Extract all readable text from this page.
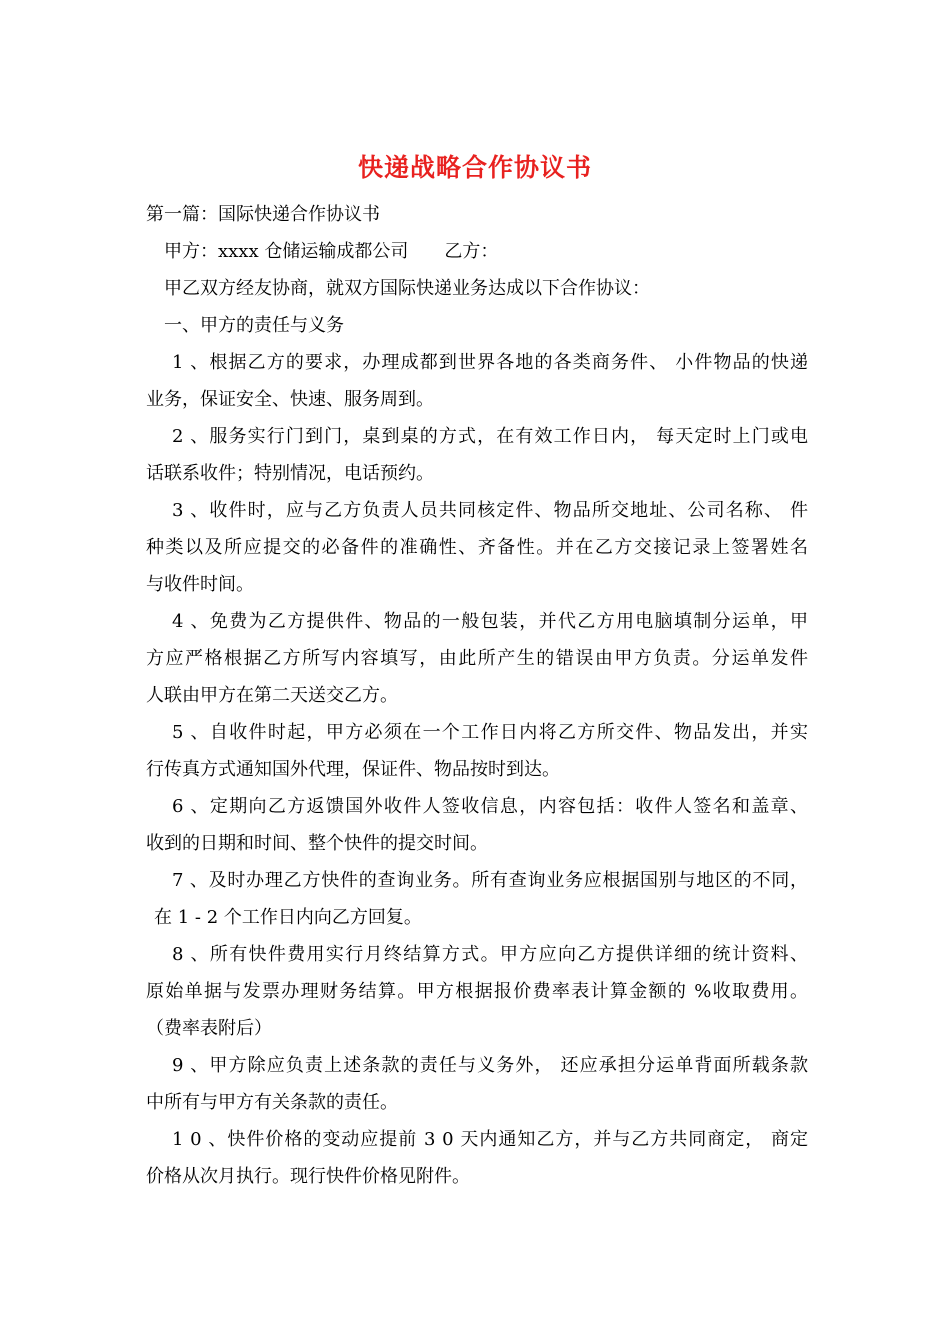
快递战略合作协议书
第一篇：国际快递合作协议书
甲方：xxxx 仓储运输成都公司　　乙方：
甲乙双方经友协商，就双方国际快递业务达成以下合作协议：
一、甲方的责任与义务
1 、根据乙方的要求，办理成都到世界各地的各类商务件、 小件物品的快递
业务，保证安全、快速、服务周到。
2 、服务实行门到门，桌到桌的方式，在有效工作日内， 每天定时上门或电
话联系收件；特别情况，电话预约。
3 、收件时，应与乙方负责人员共同核定件、物品所交地址、公司名称、 件
种类以及所应提交的必备件的准确性、齐备性。并在乙方交接记录上签署姓名
与收件时间。
4 、免费为乙方提供件、物品的一般包装，并代乙方用电脑填制分运单，甲
方应严格根据乙方所写内容填写，由此所产生的错误由甲方负责。分运单发件
人联由甲方在第二天送交乙方。
5 、自收件时起，甲方必须在一个工作日内将乙方所交件、物品发出，并实
行传真方式通知国外代理，保证件、物品按时到达。
6 、定期向乙方返馈国外收件人签收信息，内容包括：收件人签名和盖章、
收到的日期和时间、整个快件的提交时间。
7 、及时办理乙方快件的查询业务。所有查询业务应根据国别与地区的不同，
在 1 - 2 个工作日内向乙方回复。
8 、所有快件费用实行月终结算方式。甲方应向乙方提供详细的统计资料、
原始单据与发票办理财务结算。甲方根据报价费率表计算金额的 %收取费用。
（费率表附后）
9 、甲方除应负责上述条款的责任与义务外， 还应承担分运单背面所载条款
中所有与甲方有关条款的责任。
1 0 、快件价格的变动应提前 3 0 天内通知乙方，并与乙方共同商定， 商定
价格从次月执行。现行快件价格见附件。
